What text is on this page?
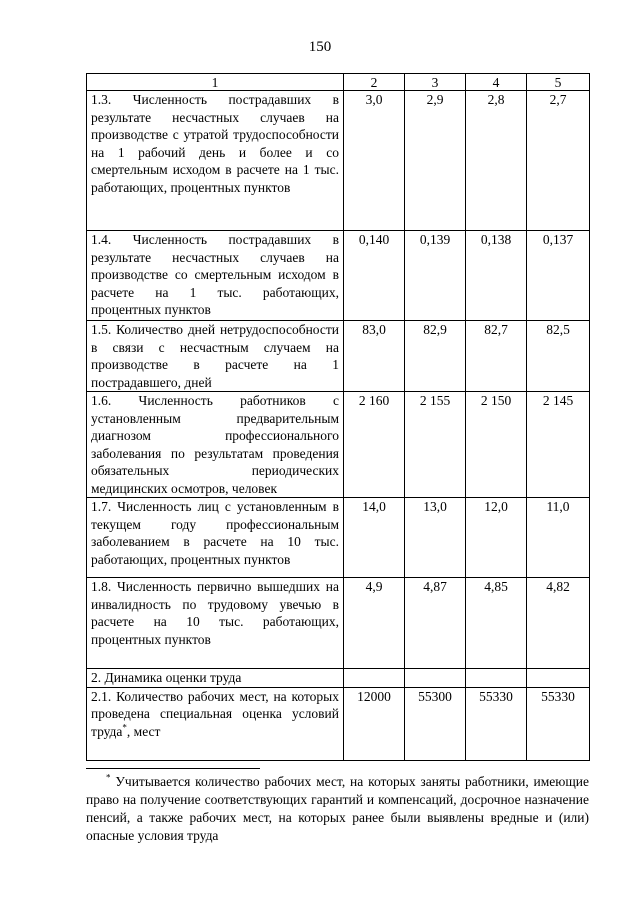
150
1	2	3	4	5

1.3. Численность пострадавших в результате несчастных случаев на производстве с утратой трудоспособности на 1 рабочий день и более и со смертельным исходом в расчете на 1 тыс. работающих, процентных пунктов	3,0	2,9	2,8	2,7

1.4. Численность пострадавших в результате несчастных случаев на производстве со смертельным исходом в расчете на 1 тыс. работающих, процентных пунктов	0,140	0,139	0,138	0,137

1.5. Количество дней нетрудоспособности в связи с несчастным случаем на производстве в расчете на 1 пострадавшего, дней	83,0	82,9	82,7	82,5

1.6. Численность работников с установленным предварительным диагнозом профессионального заболевания по результатам проведения обязательных периодических медицинских осмотров, человек	2 160	2 155	2 150	2 145

1.7. Численность лиц с установленным в текущем году профессиональным заболеванием в расчете на 10 тыс. работающих, процентных пунктов	14,0	13,0	12,0	11,0

1.8. Численность первично вышедших на инвалидность по трудовому увечью в расчете на 10 тыс. работающих, процентных пунктов	4,9	4,87	4,85	4,82
2. Динамика оценки труда				
2.1. Количество рабочих мест, на которых проведена специальная оценка условий труда*, мест	12000	55300	55330	55330
* Учитывается количество рабочих мест, на которых заняты работники, имеющие право на получение соответствующих гарантий и компенсаций, досрочное назначение пенсий, а также рабочих мест, на которых ранее были выявлены вредные и (или) опасные условия труда
